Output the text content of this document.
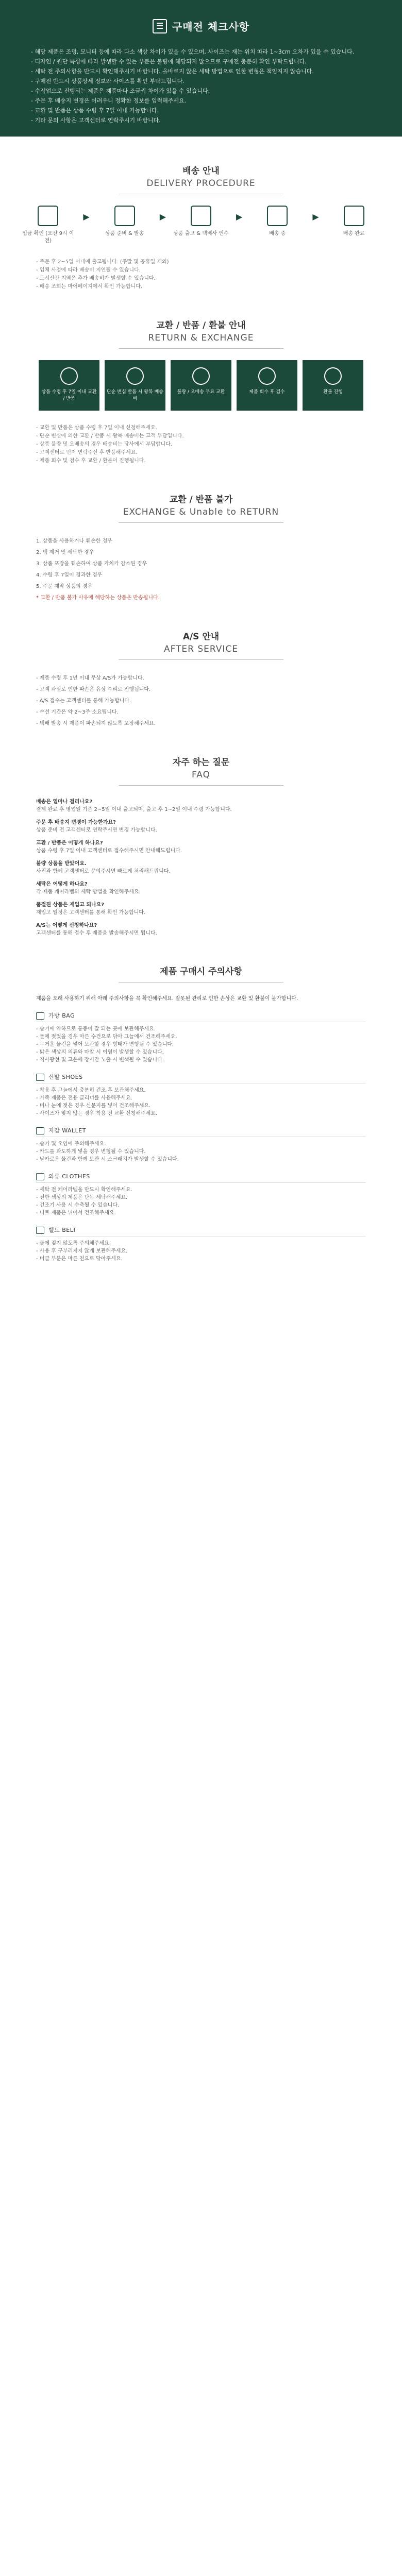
구매전 체크사항
- 해당 제품은 조명, 모니터 등에 따라 다소 색상 차이가 있을 수 있으며, 사이즈는 재는 위치 따라 1~3cm 오차가 있을 수 있습니다.
- 디자인 / 원단 특성에 따라 발생할 수 있는 부분은 불량에 해당되지 않으므로 구매전 충분히 확인 부탁드립니다.
- 세탁 전 주의사항을 반드시 확인해주시기 바랍니다. 올바르지 않은 세탁 방법으로 인한 변형은 책임지지 않습니다.
- 구매전 반드시 상품상세 정보와 사이즈를 확인 부탁드립니다.
- 수작업으로 진행되는 제품은 제품마다 조금씩 차이가 있을 수 있습니다.
- 주문 후 배송지 변경은 어려우니 정확한 정보를 입력해주세요.
- 교환 및 반품은 상품 수령 후 7일 이내 가능합니다.
- 기타 문의 사항은 고객센터로 연락주시기 바랍니다.
배송 안내
DELIVERY PROCEDURE
입금 확인 (오전 9시 이전)
▶
상품 준비 & 발송
▶
상품 출고 & 택배사 인수
▶
배송 중
▶
배송 완료
- 주문 후 2~5일 이내에 출고됩니다. (주말 및 공휴일 제외)
- 업체 사정에 따라 배송이 지연될 수 있습니다.
- 도서산간 지역은 추가 배송비가 발생할 수 있습니다.
- 배송 조회는 마이페이지에서 확인 가능합니다.
교환 / 반품 / 환불 안내
RETURN & EXCHANGE
상품 수령 후 7일 이내 교환 / 반품
단순 변심 반품 시 왕복 배송비
불량 / 오배송 무료 교환	제품 회수 후 검수	환불 진행
- 교환 및 반품은 상품 수령 후 7일 이내 신청해주세요.
- 단순 변심에 의한 교환 / 반품 시 왕복 배송비는 고객 부담입니다.
- 상품 불량 및 오배송의 경우 배송비는 당사에서 부담합니다.
- 고객센터로 먼저 연락주신 후 반품해주세요.
- 제품 회수 및 검수 후 교환 / 환불이 진행됩니다.
교환 / 반품 불가
EXCHANGE & Unable to RETURN

1. 상품을 사용하거나 훼손한 경우

2. 택 제거 및 세탁한 경우

3. 상품 포장을 훼손하여 상품 가치가 감소된 경우

4. 수령 후 7일이 경과한 경우

5. 주문 제작 상품의 경우

* 교환 / 반품 불가 사유에 해당하는 상품은 반송됩니다.

A/S 안내
AFTER SERVICE

- 제품 수령 후 1년 이내 무상 A/S가 가능합니다.

- 고객 과실로 인한 파손은 유상 수리로 진행됩니다.

- A/S 접수는 고객센터를 통해 가능합니다.

- 수선 기간은 약 2~3주 소요됩니다.

- 택배 발송 시 제품이 파손되지 않도록 포장해주세요.

자주 하는 질문
FAQ
배송은 얼마나 걸리나요?
결제 완료 후 영업일 기준 2~5일 이내 출고되며, 출고 후 1~2일 이내 수령 가능합니다.
주문 후 배송지 변경이 가능한가요?
상품 준비 전 고객센터로 연락주시면 변경 가능합니다.
교환 / 반품은 어떻게 하나요?
상품 수령 후 7일 이내 고객센터로 접수해주시면 안내해드립니다.
불량 상품을 받았어요.
사진과 함께 고객센터로 문의주시면 빠르게 처리해드립니다.
세탁은 어떻게 하나요?
각 제품 케어라벨의 세탁 방법을 확인해주세요.
품절된 상품은 재입고 되나요?
재입고 일정은 고객센터를 통해 확인 가능합니다.
A/S는 어떻게 신청하나요?
고객센터를 통해 접수 후 제품을 발송해주시면 됩니다.
제품 구매시 주의사항

제품을 오래 사용하기 위해 아래 주의사항을 꼭 확인해주세요. 잘못된 관리로 인한 손상은 교환 및 환불이 불가합니다.

가방 BAG
- 습기에 약하므로 통풍이 잘 되는 곳에 보관해주세요.
- 물에 젖었을 경우 마른 수건으로 닦아 그늘에서 건조해주세요.
- 무거운 물건을 넣어 보관할 경우 형태가 변형될 수 있습니다.
- 밝은 색상의 의류와 마찰 시 이염이 발생할 수 있습니다.
- 직사광선 및 고온에 장시간 노출 시 변색될 수 있습니다.
신발 SHOES
- 착용 후 그늘에서 충분히 건조 후 보관해주세요.
- 가죽 제품은 전용 클리너를 사용해주세요.
- 비나 눈에 젖은 경우 신문지를 넣어 건조해주세요.
- 사이즈가 맞지 않는 경우 착용 전 교환 신청해주세요.
지갑 WALLET
- 습기 및 오염에 주의해주세요.
- 카드를 과도하게 넣을 경우 변형될 수 있습니다.
- 날카로운 물건과 함께 보관 시 스크래치가 발생할 수 있습니다.
의류 CLOTHES
- 세탁 전 케어라벨을 반드시 확인해주세요.
- 진한 색상의 제품은 단독 세탁해주세요.
- 건조기 사용 시 수축될 수 있습니다.
- 니트 제품은 뉘어서 건조해주세요.
벨트 BELT
- 물에 젖지 않도록 주의해주세요.
- 사용 후 구부러지지 않게 보관해주세요.
- 버클 부분은 마른 천으로 닦아주세요.
